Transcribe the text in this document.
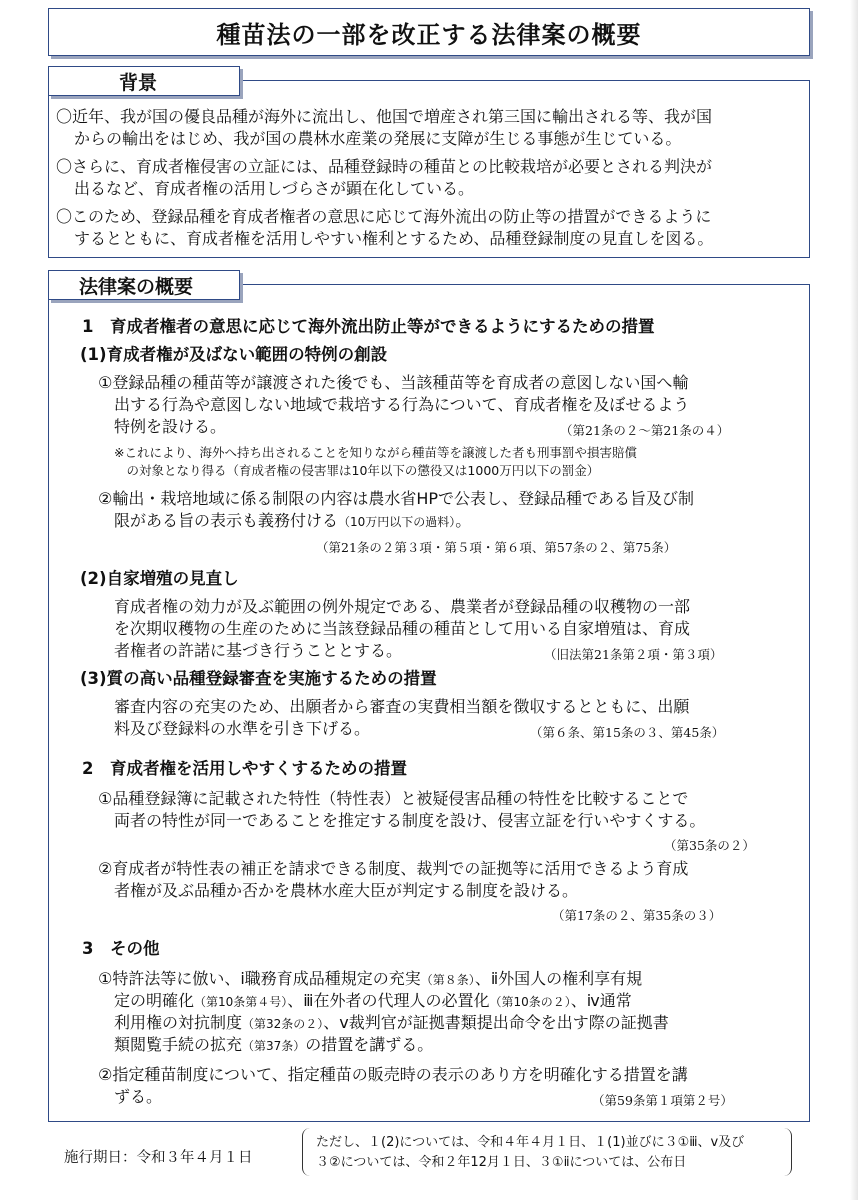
種苗法の一部を改正する法律案の概要
背景
〇近年、我が国の優良品種が海外に流出し、他国で増産され第三国に輸出される等、我が国
からの輸出をはじめ、我が国の農林水産業の発展に支障が生じる事態が生じている。
〇さらに、育成者権侵害の立証には、品種登録時の種苗との比較栽培が必要とされる判決が
出るなど、育成者権の活用しづらさが顕在化している。
〇このため、登録品種を育成者権者の意思に応じて海外流出の防止等の措置ができるように
するとともに、育成者権を活用しやすい権利とするため、品種登録制度の見直しを図る。
法律案の概要
1　育成者権者の意思に応じて海外流出防止等ができるようにするための措置
(1)育成者権が及ばない範囲の特例の創設
①登録品種の種苗等が譲渡された後でも、当該種苗等を育成者の意図しない国へ輸
出する行為や意図しない地域で栽培する行為について、育成者権を及ぼせるよう
特例を設ける。	（第21条の２〜第21条の４）
※これにより、海外へ持ち出されることを知りながら種苗等を譲渡した者も刑事罰や損害賠償
　の対象となり得る（育成者権の侵害罪は10年以下の懲役又は1000万円以下の罰金）
②輸出・栽培地域に係る制限の内容は農水省HPで公表し、登録品種である旨及び制
限がある旨の表示も義務付ける（10万円以下の過料）。
（第21条の２第３項・第５項・第６項、第57条の２、第75条）
(2)自家増殖の見直し
育成者権の効力が及ぶ範囲の例外規定である、農業者が登録品種の収穫物の一部
を次期収穫物の生産のために当該登録品種の種苗として用いる自家増殖は、育成
者権者の許諾に基づき行うこととする。	（旧法第21条第２項・第３項）
(3)質の高い品種登録審査を実施するための措置
審査内容の充実のため、出願者から審査の実費相当額を徴収するとともに、出願
料及び登録料の水準を引き下げる。	（第６条、第15条の３、第45条）
2　育成者権を活用しやすくするための措置
①品種登録簿に記載された特性（特性表）と被疑侵害品種の特性を比較することで
両者の特性が同一であることを推定する制度を設け、侵害立証を行いやすくする。
（第35条の２）
②育成者が特性表の補正を請求できる制度、裁判での証拠等に活用できるよう育成
者権が及ぶ品種か否かを農林水産大臣が判定する制度を設ける。
（第17条の２、第35条の３）
3　その他
①特許法等に倣い、ⅰ職務育成品種規定の充実（第８条）、ⅱ外国人の権利享有規
定の明確化（第10条第４号）、ⅲ在外者の代理人の必置化（第10条の２）、ⅳ通常
利用権の対抗制度（第32条の２）、ⅴ裁判官が証拠書類提出命令を出す際の証拠書
類閲覧手続の拡充（第37条）の措置を講ずる。
②指定種苗制度について、指定種苗の販売時の表示のあり方を明確化する措置を講
ずる。	（第59条第１項第２号）
施行期日：令和３年４月１日
ただし、１(2)については、令和４年４月１日、１(1)並びに３①ⅲ、ⅴ及び
３②については、令和２年12月１日、３①ⅱについては、公布日
